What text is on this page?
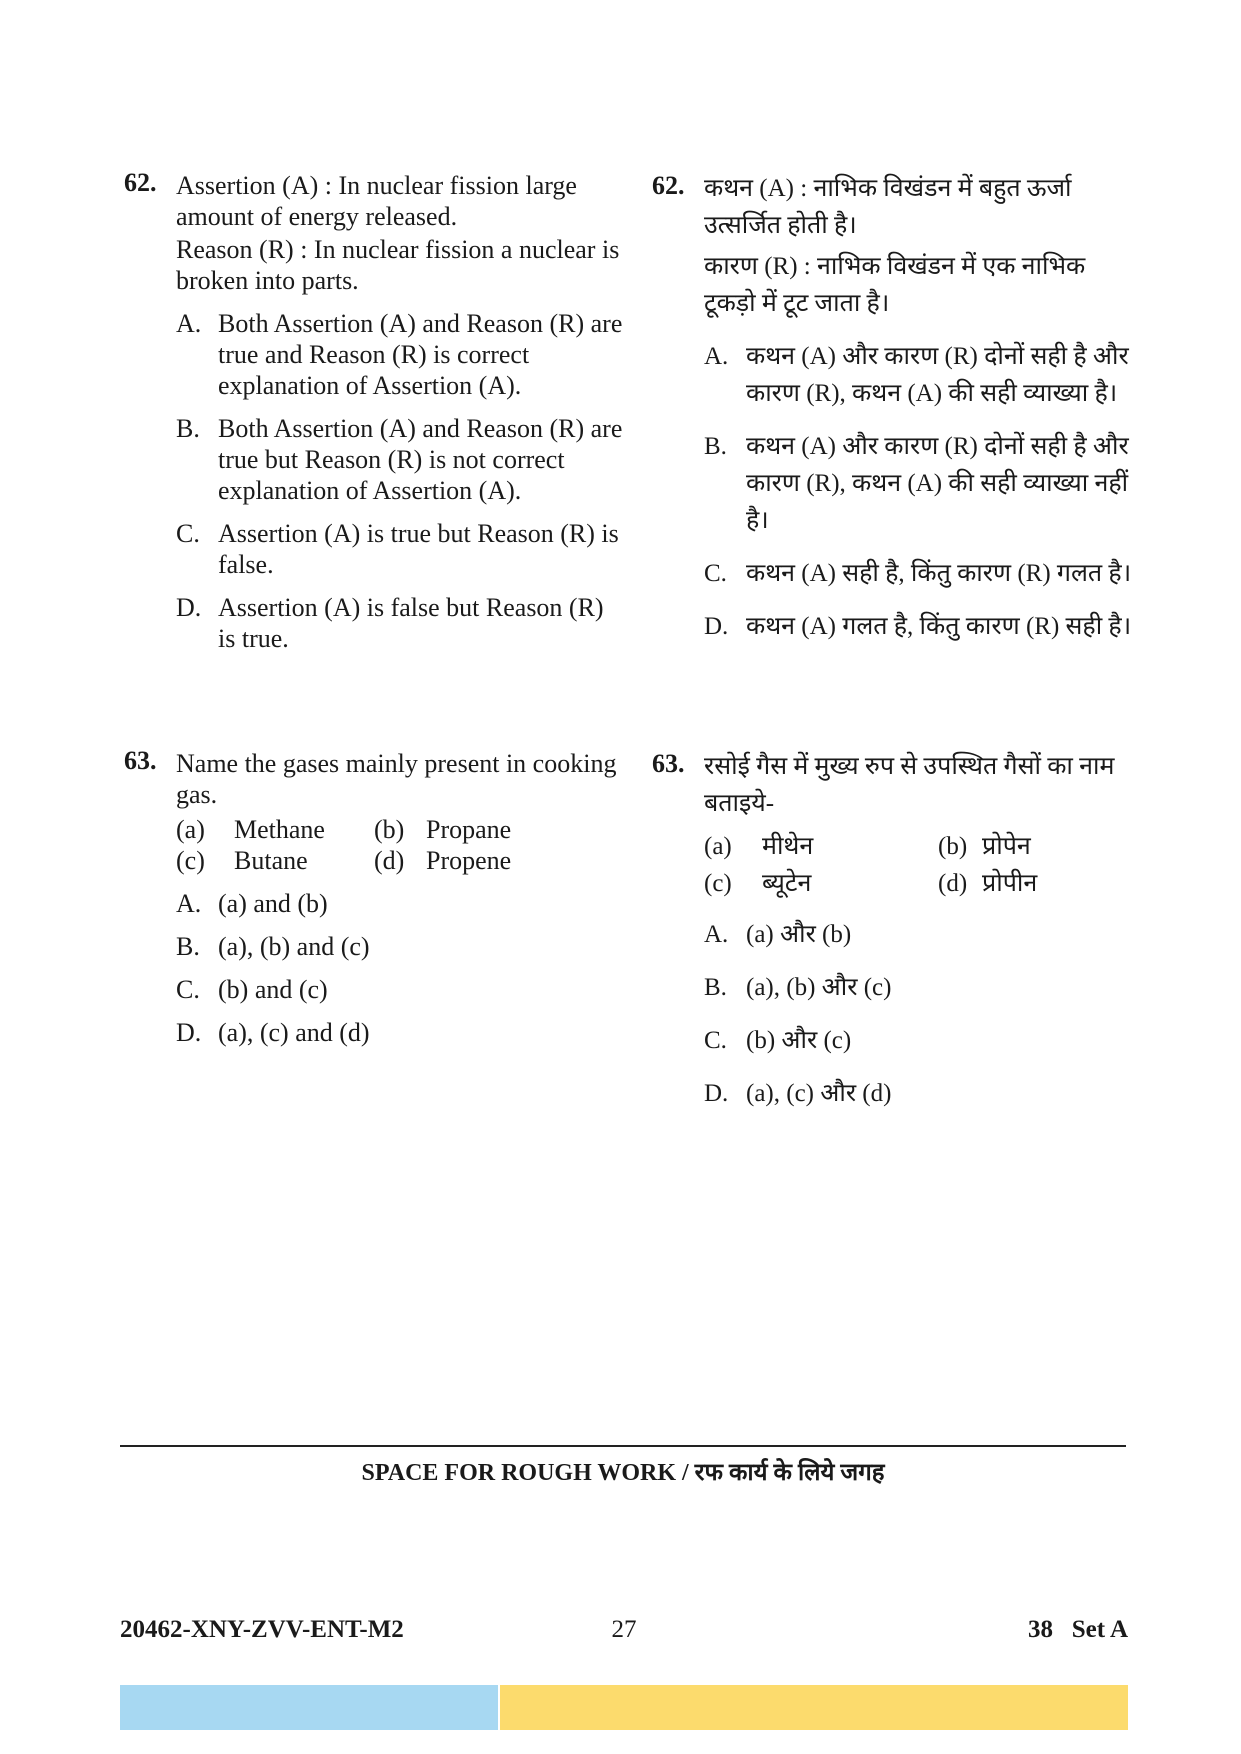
62. Assertion (A) : In nuclear fission large amount of energy released.

Reason (R) : In nuclear fission a nuclear is broken into parts.

A. Both Assertion (A) and Reason (R) are true and Reason (R) is correct explanation of Assertion (A).
B. Both Assertion (A) and Reason (R) are true but Reason (R) is not correct explanation of Assertion (A).
C. Assertion (A) is true but Reason (R) is false.
D. Assertion (A) is false but Reason (R) is true.
63. Name the gases mainly present in cooking gas.

(a)	Methane	(b) Propane
(c)	Butane	(d) Propene
A. (a) and (b)
B. (a), (b) and (c)
C. (b) and (c)
D. (a), (c) and (d)
62. कथन (A) : नाभिक विखंडन में बहुत ऊर्जा उत्सर्जित होती है।

कारण (R) : नाभिक विखंडन में एक नाभिक टूकड़ो में टूट जाता है।

A. कथन (A) और कारण (R) दोनों सही है और कारण (R), कथन (A) की सही व्याख्या है।
B. कथन (A) और कारण (R) दोनों सही है और कारण (R), कथन (A) की सही व्याख्या नहीं है।
C. कथन (A) सही है, किंतु कारण (R) गलत है।
D. कथन (A) गलत है, किंतु कारण (R) सही है।
63. रसोई गैस में मुख्य रुप से उपस्थित गैसों का नाम बताइये-

(a)	मीथेन	(b) प्रोपेन
(c)	ब्यूटेन	(d) प्रोपीन
A. (a) और (b)
B. (a), (b) और (c)
C. (b) और (c)
D. (a), (c) और (d)
SPACE FOR ROUGH WORK / रफ कार्य के लिये जगह
20462-XNY-ZVV-ENT-M2	27	38   Set A
